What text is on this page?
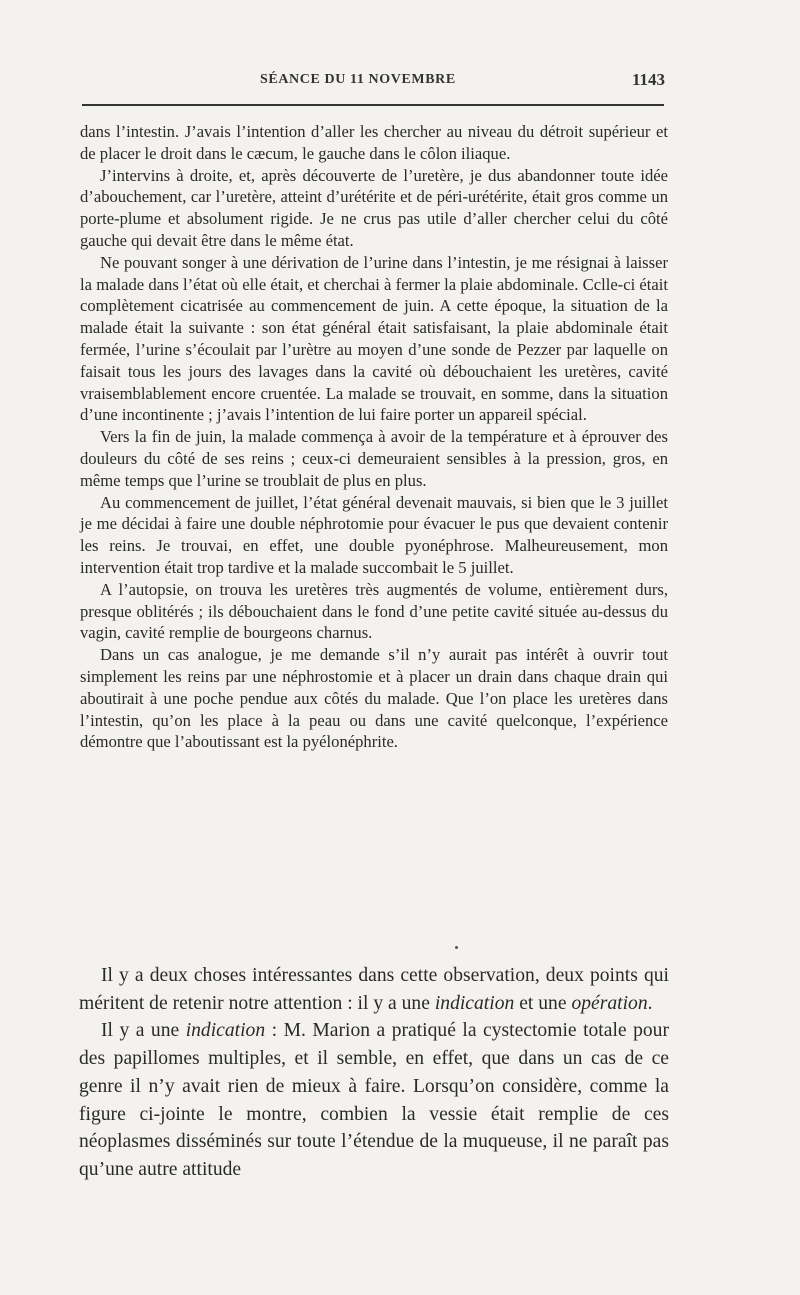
SÉANCE DU 11 NOVEMBRE	1143

dans l’intestin. J’avais l’intention d’aller les chercher au niveau du détroit supérieur et de placer le droit dans le cæcum, le gauche dans le côlon iliaque.

J’intervins à droite, et, après découverte de l’uretère, je dus abandonner toute idée d’abouchement, car l’uretère, atteint d’urétérite et de péri-urétérite, était gros comme un porte-plume et absolument rigide. Je ne crus pas utile d’aller chercher celui du côté gauche qui devait être dans le même état.

Ne pouvant songer à une dérivation de l’urine dans l’intestin, je me résignai à laisser la malade dans l’état où elle était, et cherchai à fermer la plaie abdominale. Cclle-ci était complètement cicatrisée au commencement de juin. A cette époque, la situation de la malade était la suivante : son état général était satisfaisant, la plaie abdominale était fermée, l’urine s’écoulait par l’urètre au moyen d’une sonde de Pezzer par laquelle on faisait tous les jours des lavages dans la cavité où débouchaient les uretères, cavité vraisemblablement encore cruentée. La malade se trouvait, en somme, dans la situation d’une incontinente ; j’avais l’intention de lui faire porter un appareil spécial.

Vers la fin de juin, la malade commença à avoir de la température et à éprouver des douleurs du côté de ses reins ; ceux-ci demeuraient sensibles à la pression, gros, en même temps que l’urine se troublait de plus en plus.

Au commencement de juillet, l’état général devenait mauvais, si bien que le 3 juillet je me décidai à faire une double néphrotomie pour évacuer le pus que devaient contenir les reins. Je trouvai, en effet, une double pyonéphrose. Malheureusement, mon intervention était trop tardive et la malade succombait le 5 juillet.

A l’autopsie, on trouva les uretères très augmentés de volume, entièrement durs, presque oblitérés ; ils débouchaient dans le fond d’une petite cavité située au-dessus du vagin, cavité remplie de bourgeons charnus.

Dans un cas analogue, je me demande s’il n’y aurait pas intérêt à ouvrir tout simplement les reins par une néphrostomie et à placer un drain dans chaque drain qui aboutirait à une poche pendue aux côtés du malade. Que l’on place les uretères dans l’intestin, qu’on les place à la peau ou dans une cavité quelconque, l’expérience démontre que l’aboutissant est la pyélonéphrite.

Il y a deux choses intéressantes dans cette observation, deux points qui méritent de retenir notre attention : il y a une indication et une opération.

Il y a une indication : M. Marion a pratiqué la cystectomie totale pour des papillomes multiples, et il semble, en effet, que dans un cas de ce genre il n’y avait rien de mieux à faire. Lorsqu’on considère, comme la figure ci-jointe le montre, combien la vessie était remplie de ces néoplasmes disséminés sur toute l’étendue de la muqueuse, il ne paraît pas qu’une autre attitude
